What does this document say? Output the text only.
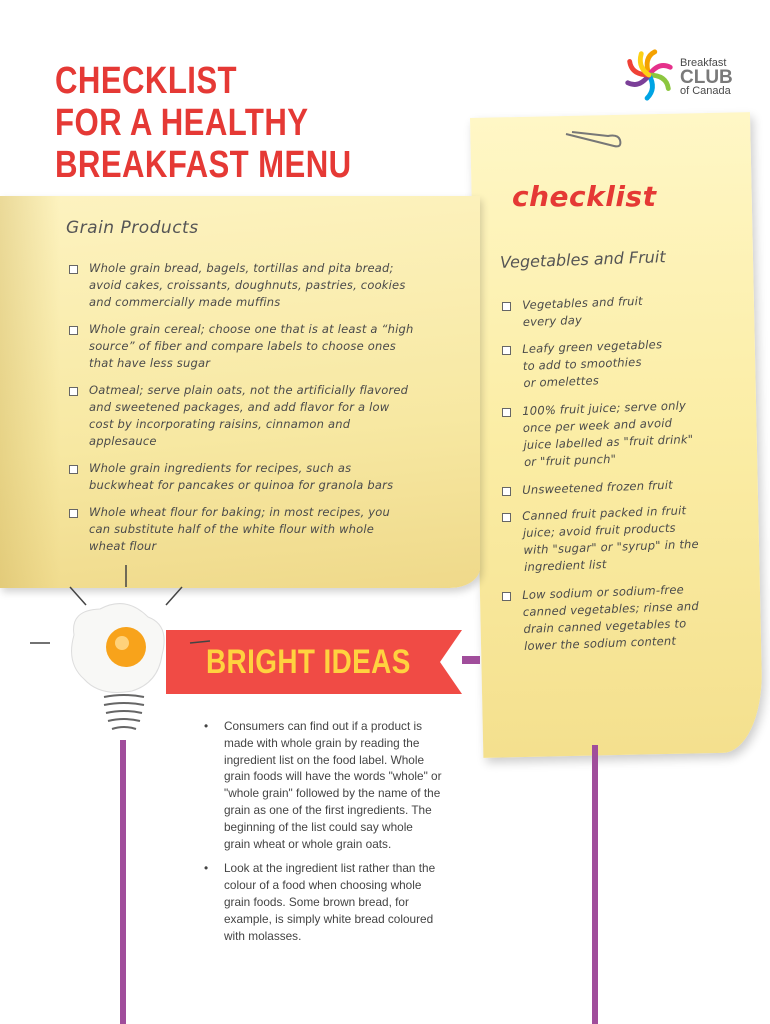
CHECKLIST
FOR A HEALTHY
BREAKFAST MENU
Breakfast
CLUB
of Canada
checklist
Vegetables and Fruit
Vegetables and fruit
every day
Leafy green vegetables
to add to smoothies
or omelettes
100% fruit juice; serve only
once per week and avoid
juice labelled as "fruit drink"
or "fruit punch"
Unsweetened frozen fruit
Canned fruit packed in fruit
juice; avoid fruit products
with "sugar" or "syrup" in the
ingredient list
Low sodium or sodium-free
canned vegetables; rinse and
drain canned vegetables to
lower the sodium content
Grain Products
Whole grain bread, bagels, tortillas and pita bread;
avoid cakes, croissants, doughnuts, pastries, cookies
and commercially made muffins
Whole grain cereal; choose one that is at least a “high
source” of fiber and compare labels to choose ones
that have less sugar
Oatmeal; serve plain oats, not the artificially flavored
and sweetened packages, and add flavor for a low
cost by incorporating raisins, cinnamon and
applesauce
Whole grain ingredients for recipes, such as
buckwheat for pancakes or quinoa for granola bars
Whole wheat flour for baking; in most recipes, you
can substitute half of the white flour with whole
wheat flour
BRIGHT IDEAS
• Consumers can find out if a product is made with whole grain by reading the ingredient list on the food label. Whole grain foods will have the words "whole" or "whole grain" followed by the name of the grain as one of the first ingredients. The beginning of the list could say whole grain wheat or whole grain oats.
• Look at the ingredient list rather than the colour of a food when choosing whole grain foods. Some brown bread, for example, is simply white bread coloured with molasses.
